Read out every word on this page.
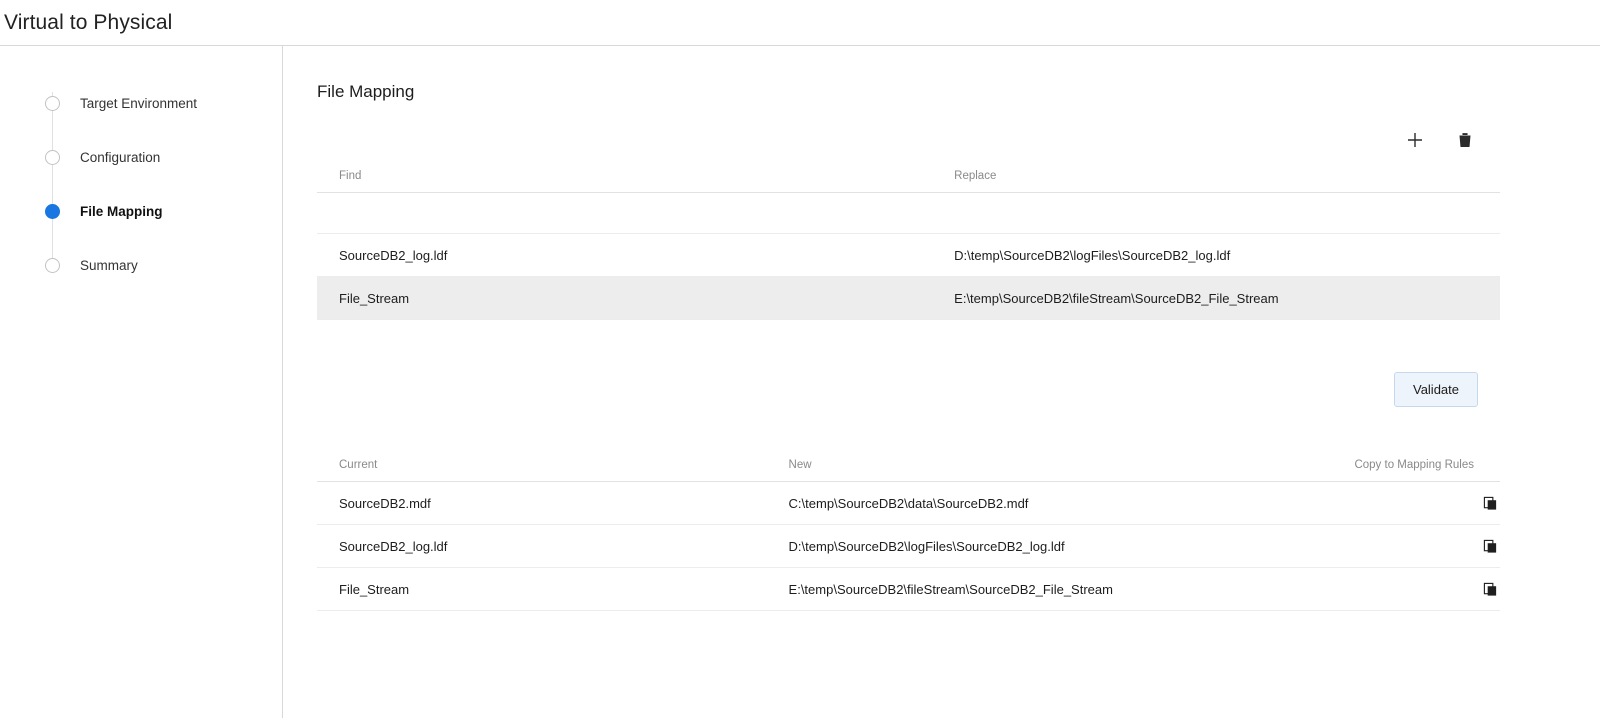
Virtual to Physical
Target Environment
Configuration
File Mapping
Summary
File Mapping
Find	Replace

SourceDB2_log.ldf	D:\temp\SourceDB2\logFiles\SourceDB2_log.ldf
File_Stream	E:\temp\SourceDB2\fileStream\SourceDB2_File_Stream
Validate
Current	New	Copy to Mapping Rules
SourceDB2.mdf	C:\temp\SourceDB2\data\SourceDB2.mdf	

SourceDB2_log.ldf	D:\temp\SourceDB2\logFiles\SourceDB2_log.ldf	

File_Stream	E:\temp\SourceDB2\fileStream\SourceDB2_File_Stream	
